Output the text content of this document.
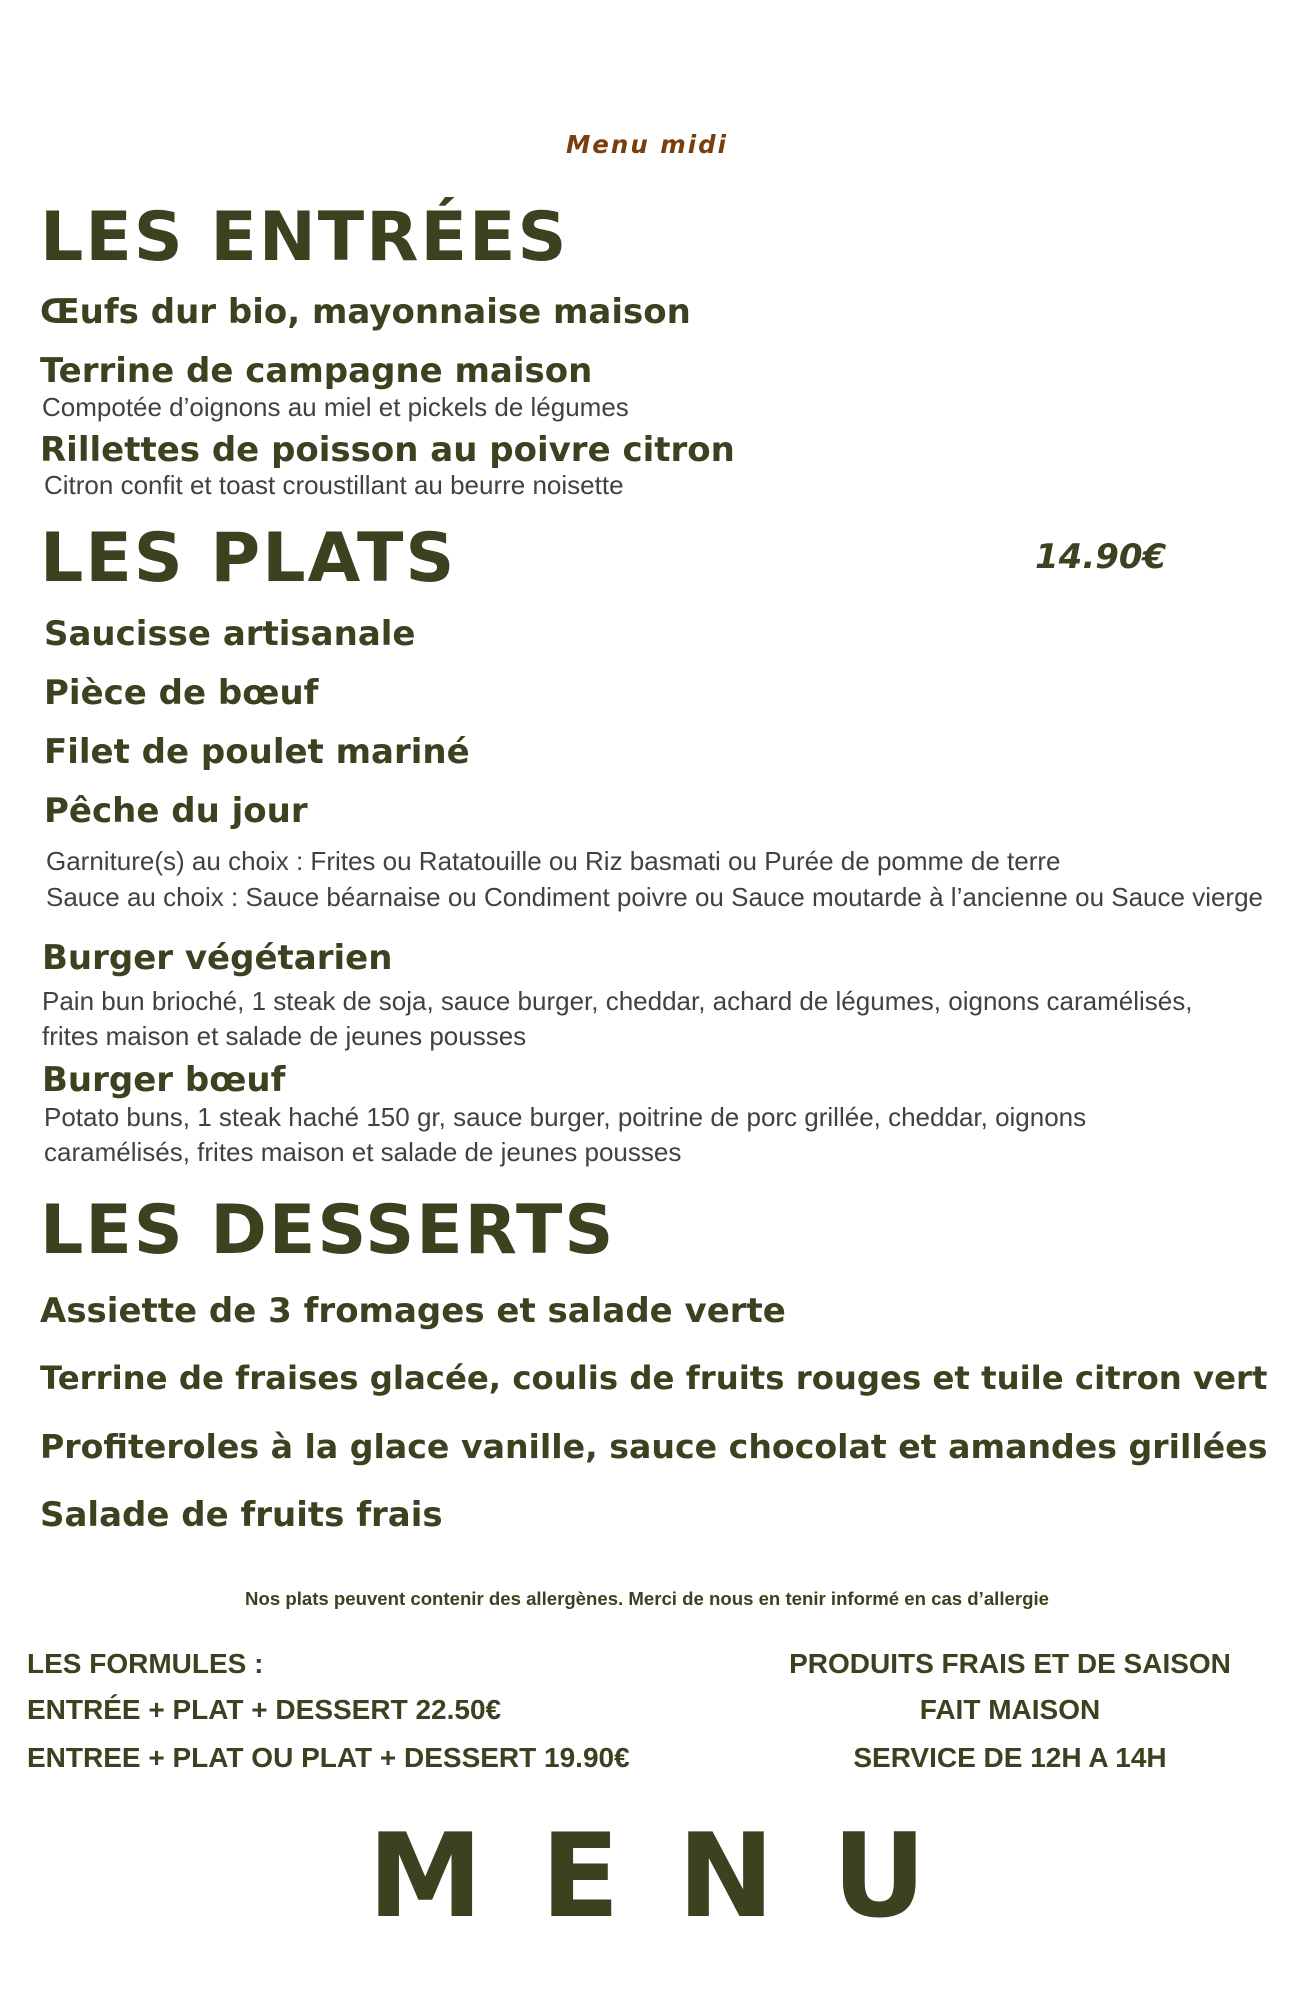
Menu midi
LES ENTRÉES
Œufs dur bio, mayonnaise maison
Terrine de campagne maison
Compotée d’oignons au miel et pickels de légumes
Rillettes de poisson au poivre citron
Citron confit et toast croustillant au beurre noisette
LES PLATS	14.90€
Saucisse artisanale
Pièce de bœuf
Filet de poulet mariné
Pêche du jour
Garniture(s) au choix : Frites ou Ratatouille ou Riz basmati ou Purée de pomme de terre
Sauce au choix : Sauce béarnaise ou Condiment poivre ou Sauce moutarde à l’ancienne ou Sauce vierge
Burger végétarien
Pain bun brioché, 1 steak de soja, sauce burger, cheddar, achard de légumes, oignons caramélisés,
frites maison et salade de jeunes pousses
Burger bœuf
Potato buns, 1 steak haché 150 gr, sauce burger, poitrine de porc grillée, cheddar, oignons
caramélisés, frites maison et salade de jeunes pousses
LES DESSERTS
Assiette de 3 fromages et salade verte
Terrine de fraises glacée, coulis de fruits rouges et tuile citron vert
Profiteroles à la glace vanille, sauce chocolat et amandes grillées
Salade de fruits frais
Nos plats peuvent contenir des allergènes. Merci de nous en tenir informé en cas d’allergie
LES FORMULES :
ENTRÉE + PLAT + DESSERT 22.50€
ENTREE + PLAT OU PLAT + DESSERT 19.90€
PRODUITS FRAIS ET DE SAISON
FAIT MAISON
SERVICE DE 12H A 14H
MENU
